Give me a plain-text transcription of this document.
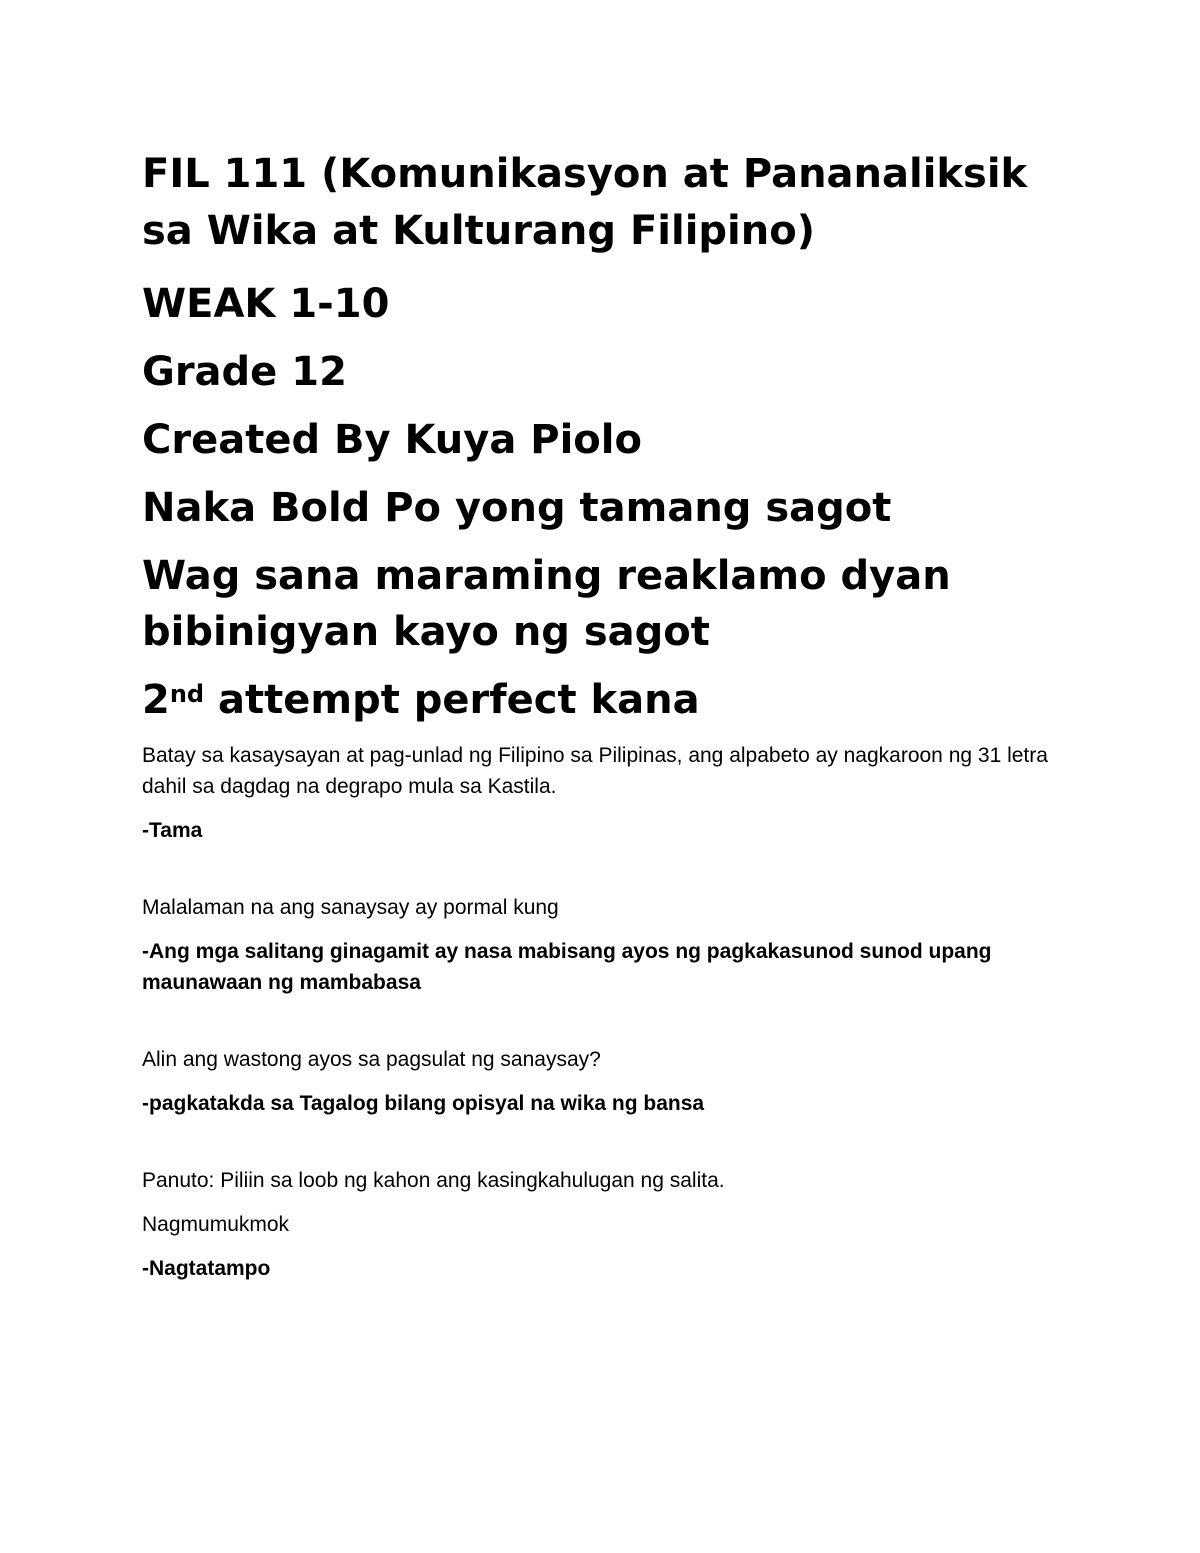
FIL 111 (Komunikasyon at Pananaliksik sa Wika at Kulturang Filipino)
WEAK 1-10
Grade 12
Created By Kuya Piolo
Naka Bold Po yong tamang sagot
Wag sana maraming reaklamo dyan bibinigyan kayo ng sagot
2nd attempt perfect kana

Batay sa kasaysayan at pag-unlad ng Filipino sa Pilipinas, ang alpabeto ay nagkaroon ng 31 letra dahil sa dagdag na degrapo mula sa Kastila.

-Tama

Malalaman na ang sanaysay ay pormal kung

-Ang mga salitang ginagamit ay nasa mabisang ayos ng pagkakasunod sunod upang maunawaan ng mambabasa

Alin ang wastong ayos sa pagsulat ng sanaysay?

-pagkatakda sa Tagalog bilang opisyal na wika ng bansa

Panuto: Piliin sa loob ng kahon ang kasingkahulugan ng salita.

Nagmumukmok

-Nagtatampo
